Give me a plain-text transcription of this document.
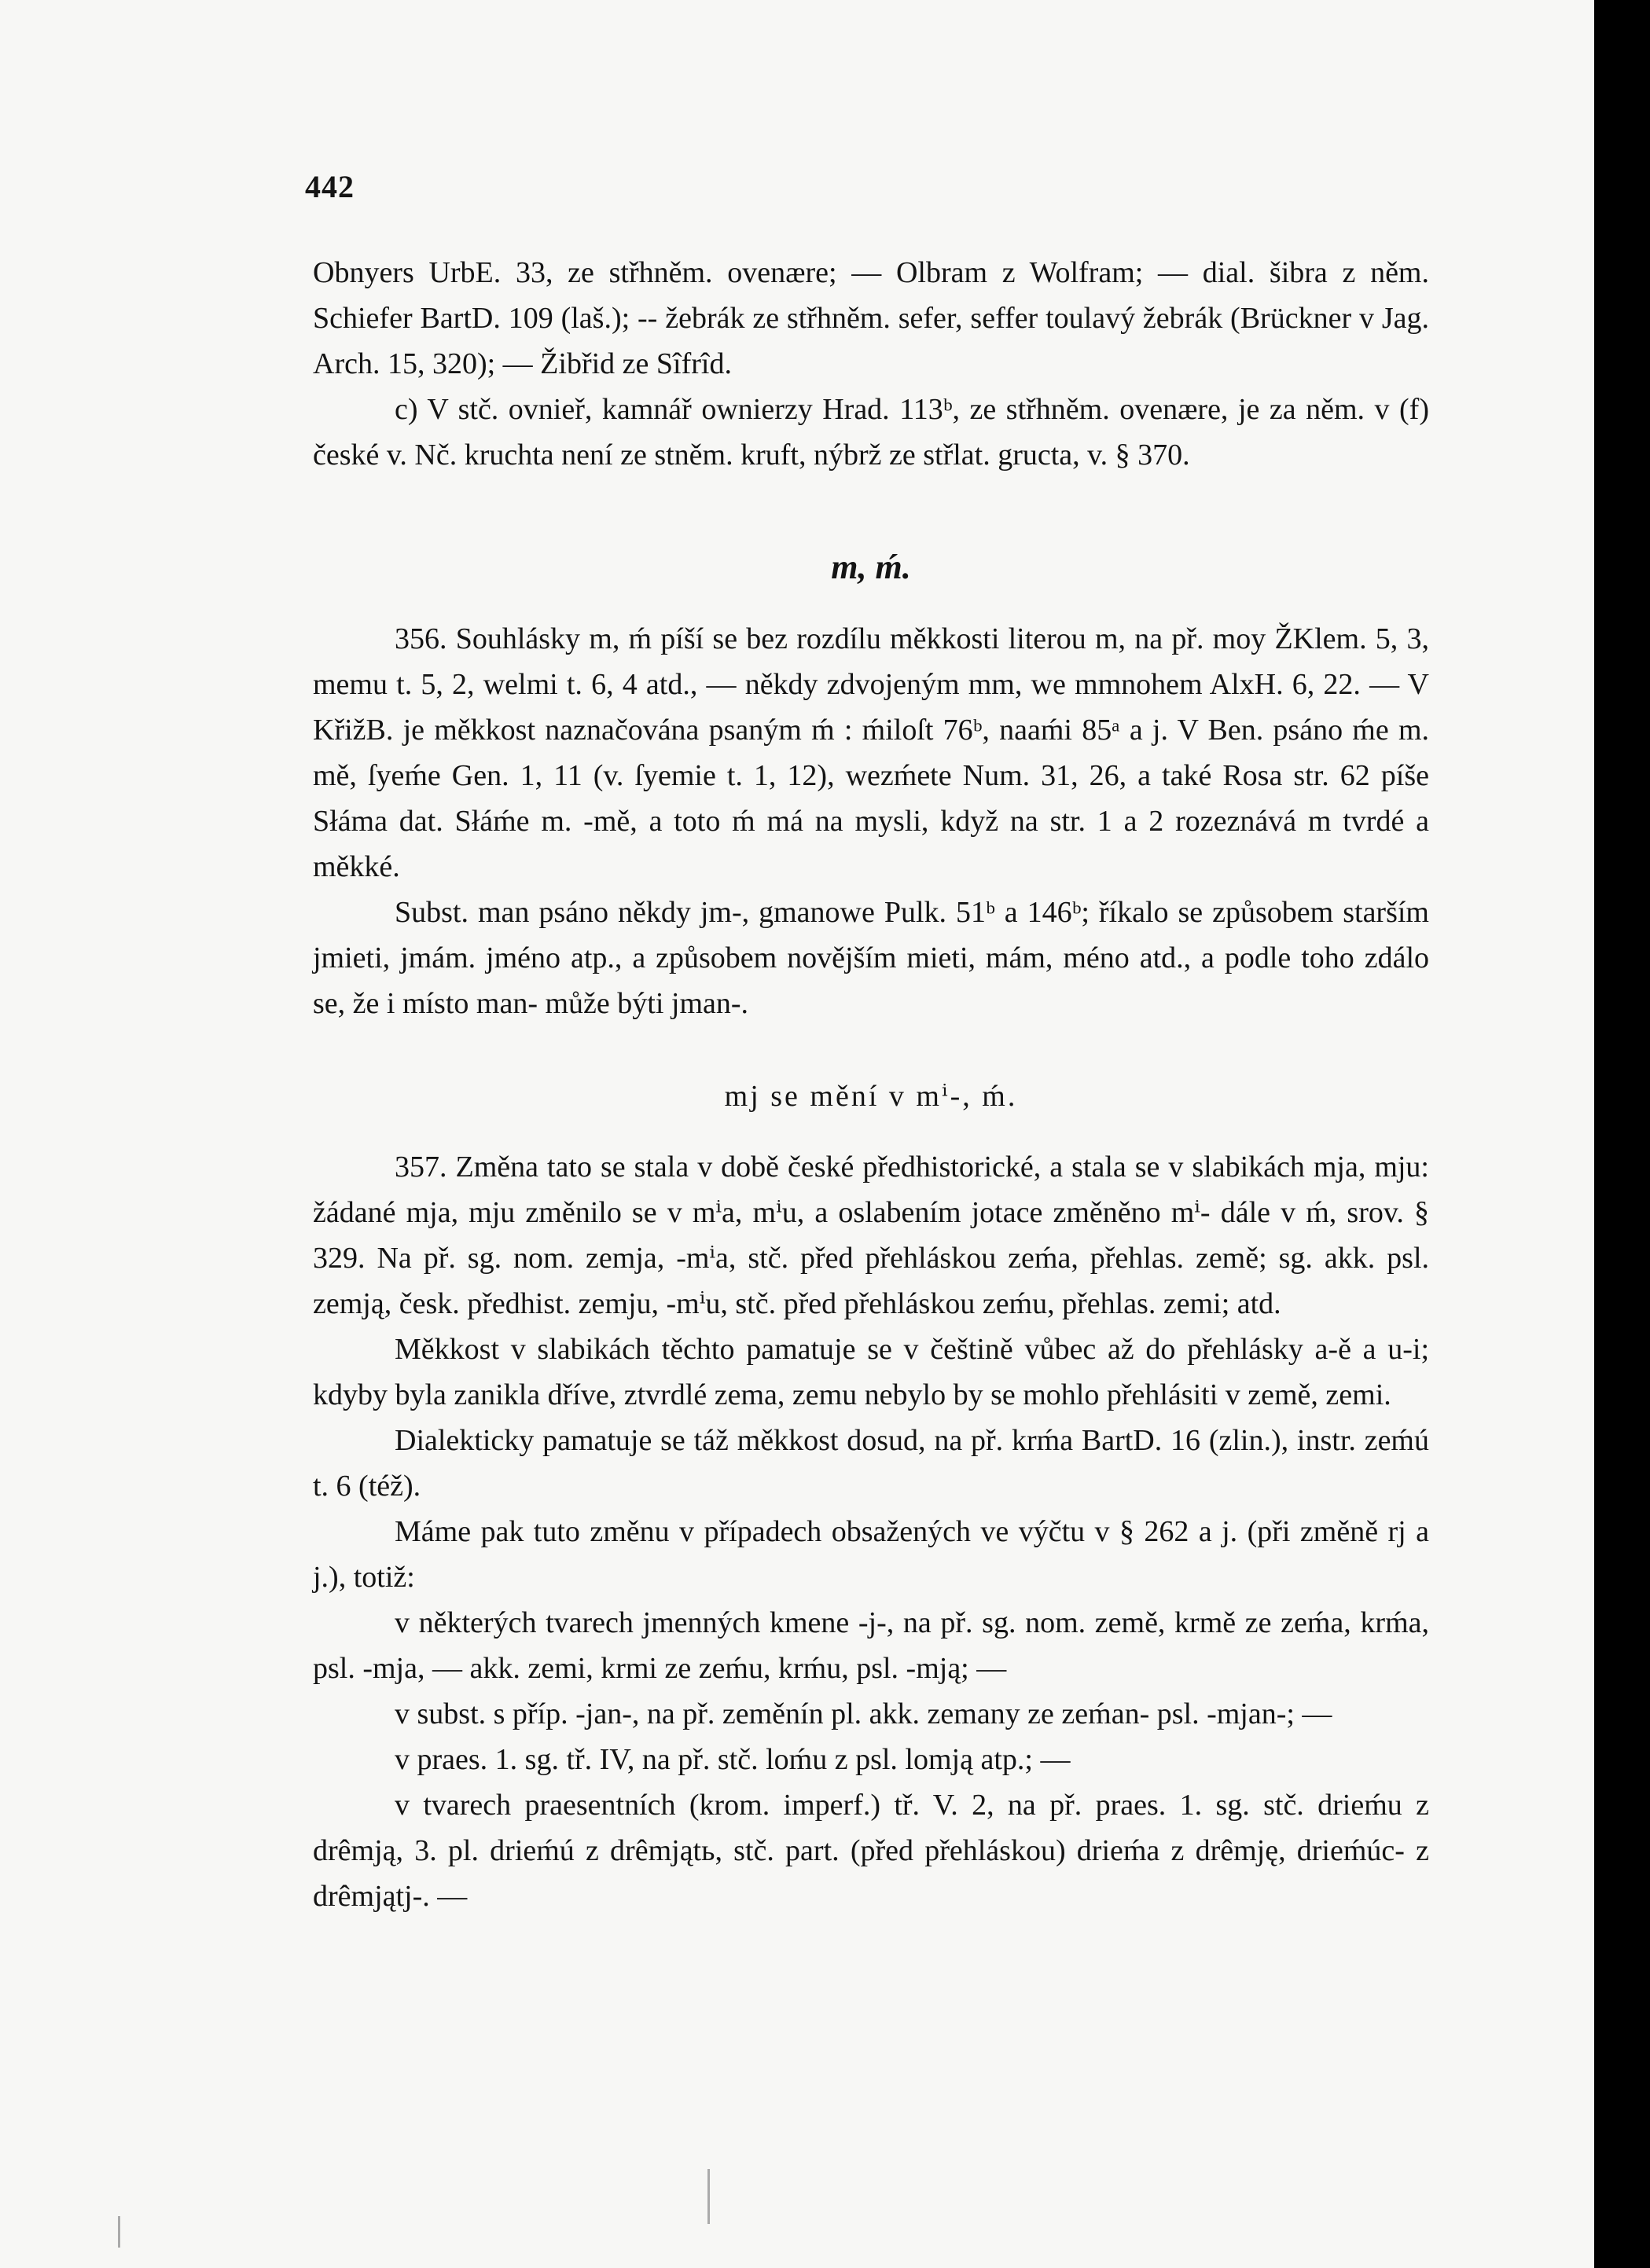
442

Obnyers UrbE. 33, ze střhněm. ovenære; — Olbram z Wolfram; — dial. šibra z něm. Schiefer BartD. 109 (laš.); -- žebrák ze střhněm. sefer, seffer toulavý žebrák (Brückner v Jag. Arch. 15, 320); — Žibřid ze Sîfrîd.

c) V stč. ovnieř, kamnář ownierzy Hrad. 113ᵇ, ze střhněm. ovenære, je za něm. v (f) české v. Nč. kruchta není ze stněm. kruft, nýbrž ze střlat. gructa, v. § 370.

m, ḿ.

356. Souhlásky m, ḿ píší se bez rozdílu měkkosti literou m, na př. moy ŽKlem. 5, 3, memu t. 5, 2, welmi t. 6, 4 atd., — někdy zdvojeným mm, we mmnohem AlxH. 6, 22. — V KřižB. je měkkost naznačována psaným ḿ : ḿiloſt 76ᵇ, naaḿi 85ᵃ a j. V Ben. psáno ḿe m. mě, ſyeḿe Gen. 1, 11 (v. ſyemie t. 1, 12), wezḿete Num. 31, 26, a také Rosa str. 62 píše Słáma dat. Słáḿe m. -mě, a toto ḿ má na mysli, když na str. 1 a 2 rozeznává m tvrdé a měkké.

Subst. man psáno někdy jm-, gmanowe Pulk. 51ᵇ a 146ᵇ; říkalo se způsobem starším jmieti, jmám. jméno atp., a způsobem novějším mieti, mám, méno atd., a podle toho zdálo se, že i místo man- může býti jman-.

mj se mění v mⁱ-, ḿ.

357. Změna tato se stala v době české předhistorické, a stala se v slabikách mja, mju: žádané mja, mju změnilo se v mⁱa, mⁱu, a oslabením jotace změněno mⁱ- dále v ḿ, srov. § 329. Na př. sg. nom. zemja, -mⁱa, stč. před přehláskou zeḿa, přehlas. země; sg. akk. psl. zemją, česk. předhist. zemju, -mⁱu, stč. před přehláskou zeḿu, přehlas. zemi; atd.

Měkkost v slabikách těchto pamatuje se v češtině vůbec až do přehlásky a-ě a u-i; kdyby byla zanikla dříve, ztvrdlé zema, zemu nebylo by se mohlo přehlásiti v země, zemi.

Dialekticky pamatuje se táž měkkost dosud, na př. krḿa BartD. 16 (zlin.), instr. zeḿú t. 6 (též).

Máme pak tuto změnu v případech obsažených ve výčtu v § 262 a j. (při změně rj a j.), totiž:

v některých tvarech jmenných kmene -j-, na př. sg. nom. země, krmě ze zeḿa, krḿa, psl. -mja, — akk. zemi, krmi ze zeḿu, krḿu, psl. -mją; —

v subst. s příp. -jan-, na př. zeměnín pl. akk. zemany ze zeḿan- psl. -mjan-; —

v praes. 1. sg. tř. IV, na př. stč. loḿu z psl. lomją atp.; —

v tvarech praesentních (krom. imperf.) tř. V. 2, na př. praes. 1. sg. stč. drieḿu z drêmją, 3. pl. drieḿú z drêmjątь, stč. part. (před přehláskou) drieḿa z drêmję, drieḿúc- z drêmjątj-. —
